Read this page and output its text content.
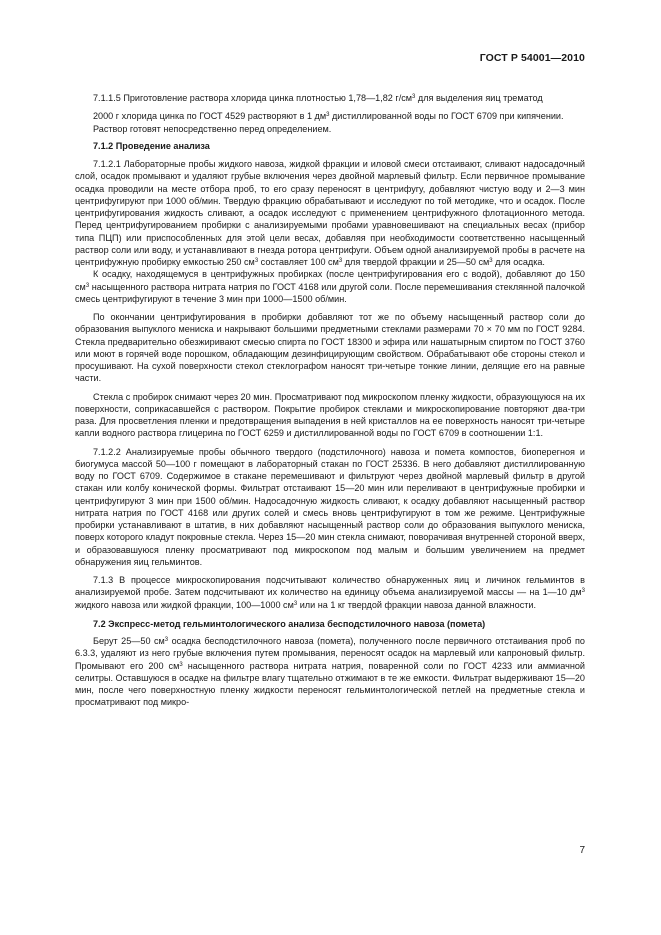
ГОСТ Р 54001—2010

7.1.1.5 Приготовление раствора хлорида цинка плотностью 1,78—1,82 $г/см^3$ для выделения яиц трематод

2000 г хлорида цинка по ГОСТ 4529 растворяют в 1 $дм^3$ дистиллированной воды по ГОСТ 6709 при кипячении.

Раствор готовят непосредственно перед определением.

7.1.2 Проведение анализа

7.1.2.1 Лабораторные пробы жидкого навоза, жидкой фракции и иловой смеси отстаивают, сливают надосадочный слой, осадок промывают и удаляют грубые включения через двойной марлевый фильтр. Если первичное промывание осадка проводили на месте отбора проб, то его сразу переносят в центрифугу, добавляют чистую воду и 2—3 мин центрифугируют при 1000 об/мин. Твердую фракцию обрабатывают и исследуют по той методике, что и осадок. После центрифугирования жидкость сливают, а осадок исследуют с применением центрифужного флотационного метода. Перед центрифугированием пробирки с анализируемыми пробами уравновешивают на специальных весах (прибор типа ПЦП) или приспособленных для этой цели весах, добавляя при необходимости соответственно насыщенный раствор соли или воду, и устанавливают в гнезда ротора центрифуги. Объем одной анализируемой пробы в расчете на центрифужную пробирку емкостью 250 $см^3$ составляет 100 $см^3$ для твердой фракции и 25—50 $см^3$ для осадка.

К осадку, находящемуся в центрифужных пробирках (после центрифугирования его с водой), добавляют до 150 $см^3$ насыщенного раствора нитрата натрия по ГОСТ 4168 или другой соли. После перемешивания стеклянной палочкой смесь центрифугируют в течение 3 мин при 1000—1500 об/мин.

По окончании центрифугирования в пробирки добавляют тот же по объему насыщенный раствор соли до образования выпуклого мениска и накрывают большими предметными стеклами размерами 70 × 70 мм по ГОСТ 9284. Стекла предварительно обезжиривают смесью спирта по ГОСТ 18300 и эфира или нашатырным спиртом по ГОСТ 3760 или моют в горячей воде порошком, обладающим дезинфицирующим свойством. Обрабатывают обе стороны стекол и просушивают. На сухой поверхности стекол стеклографом наносят три-четыре тонкие линии, делящие его на равные части.

Стекла с пробирок снимают через 20 мин. Просматривают под микроскопом пленку жидкости, образующуюся на их поверхности, соприкасавшейся с раствором. Покрытие пробирок стеклами и микроскопирование повторяют два-три раза. Для просветления пленки и предотвращения выпадения в ней кристаллов на ее поверхность наносят три-четыре капли водного раствора глицерина по ГОСТ 6259 и дистиллированной воды по ГОСТ 6709 в соотношении 1:1.

7.1.2.2 Анализируемые пробы обычного твердого (подстилочного) навоза и помета компостов, биоперегноя и биогумуса массой 50—100 г помещают в лабораторный стакан по ГОСТ 25336. В него добавляют дистиллированную воду по ГОСТ 6709. Содержимое в стакане перемешивают и фильтруют через двойной марлевый фильтр в другой стакан или колбу конической формы. Фильтрат отстаивают 15—20 мин или переливают в центрифужные пробирки и центрифугируют 3 мин при 1500 об/мин. Надосадочную жидкость сливают, к осадку добавляют насыщенный раствор нитрата натрия по ГОСТ 4168 или других солей и смесь вновь центрифугируют в том же режиме. Центрифужные пробирки устанавливают в штатив, в них добавляют насыщенный раствор соли до образования выпуклого мениска, поверх которого кладут покровные стекла. Через 15—20 мин стекла снимают, поворачивая внутренней стороной вверх, и образовавшуюся пленку просматривают под микроскопом под малым и большим увеличением на предмет обнаружения яиц гельминтов.

7.1.3 В процессе микроскопирования подсчитывают количество обнаруженных яиц и личинок гельминтов в анализируемой пробе. Затем подсчитывают их количество на единицу объема анализируемой массы — на 1—10 $дм^3$ жидкого навоза или жидкой фракции, 100—1000 $см^3$ или на 1 кг твердой фракции навоза данной влажности.

7.2 Экспресс-метод гельминтологического анализа бесподстилочного навоза (помета)

Берут 25—50 $см^3$ осадка бесподстилочного навоза (помета), полученного после первичного отстаивания проб по 6.3.3, удаляют из него грубые включения путем промывания, переносят осадок на марлевый или капроновый фильтр. Промывают его 200 $см^3$ насыщенного раствора нитрата натрия, поваренной соли по ГОСТ 4233 или аммиачной селитры. Оставшуюся в осадке на фильтре влагу тщательно отжимают в те же емкости. Фильтрат выдерживают 15—20 мин, после чего поверхностную пленку жидкости переносят гельминтологической петлей на предметные стекла и просматривают под микро-

7
